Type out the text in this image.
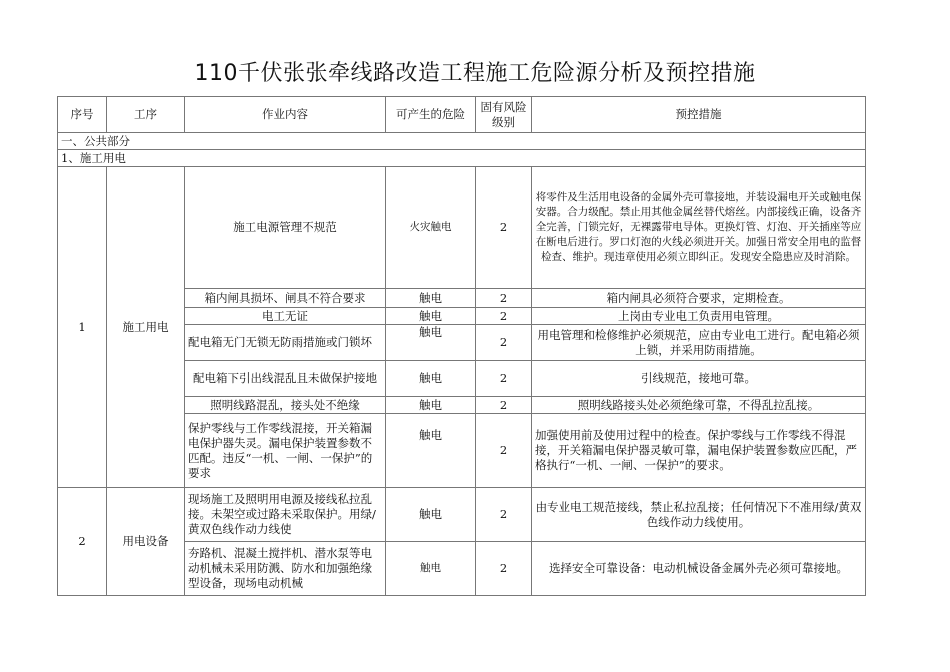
110千伏张张牵线路改造工程施工危险源分析及预控措施
序号	工序	作业内容	可产生的危险	固有风险级别	预控措施
一、公共部分					
1、施工用电					
1	施工用电	施工电源管理不规范	火灾触电	2	将零件及生活用电设备的金属外壳可靠接地，并装设漏电开关或触电保安器。合力级配。禁止用其他金属丝替代熔丝。内部接线正确，设备齐全完善，门锁完好，无裸露带电导体。更换灯管、灯泡、开关插座等应在断电后进行。罗口灯泡的火线必须进开关。加强日常安全用电的监督检查、维护。现违章使用必须立即纠正。发现安全隐患应及时消除。
		箱内闸具损坏、闸具不符合要求	触电	2	箱内闸具必须符合要求，定期检查。
		电工无证	触电	2	上岗由专业电工负责用电管理。
		配电箱无门无锁无防雨措施或门锁坏	触电	2	用电管理和检修维护必须规范，应由专业电工进行。配电箱必须上锁，并采用防雨措施。
		配电箱下引出线混乱且未做保护接地	触电	2	引线规范，接地可靠。
		照明线路混乱，接头处不绝缘	触电	2	照明线路接头处必须绝缘可靠，不得乱拉乱接。
		保护零线与工作零线混接，开关箱漏电保护器失灵。漏电保护装置参数不匹配。违反“一机、一闸、一保护”的要求	触电	2	加强使用前及使用过程中的检查。保护零线与工作零线不得混接，开关箱漏电保护器灵敏可靠，漏电保护装置参数应匹配，严格执行“一机、一闸、一保护”的要求。
2	用电设备	现场施工及照明用电源及接线私拉乱接。未架空或过路未采取保护。用绿/黄双色线作动力线使	触电	2	由专业电工规范接线，禁止私拉乱接；任何情况下不准用绿/黄双色线作动力线使用。
		夯路机、混凝土搅拌机、潜水泵等电动机械未采用防溅、防水和加强绝缘型设备，现场电动机械	触电	2	选择安全可靠设备：电动机械设备金属外壳必须可靠接地。
